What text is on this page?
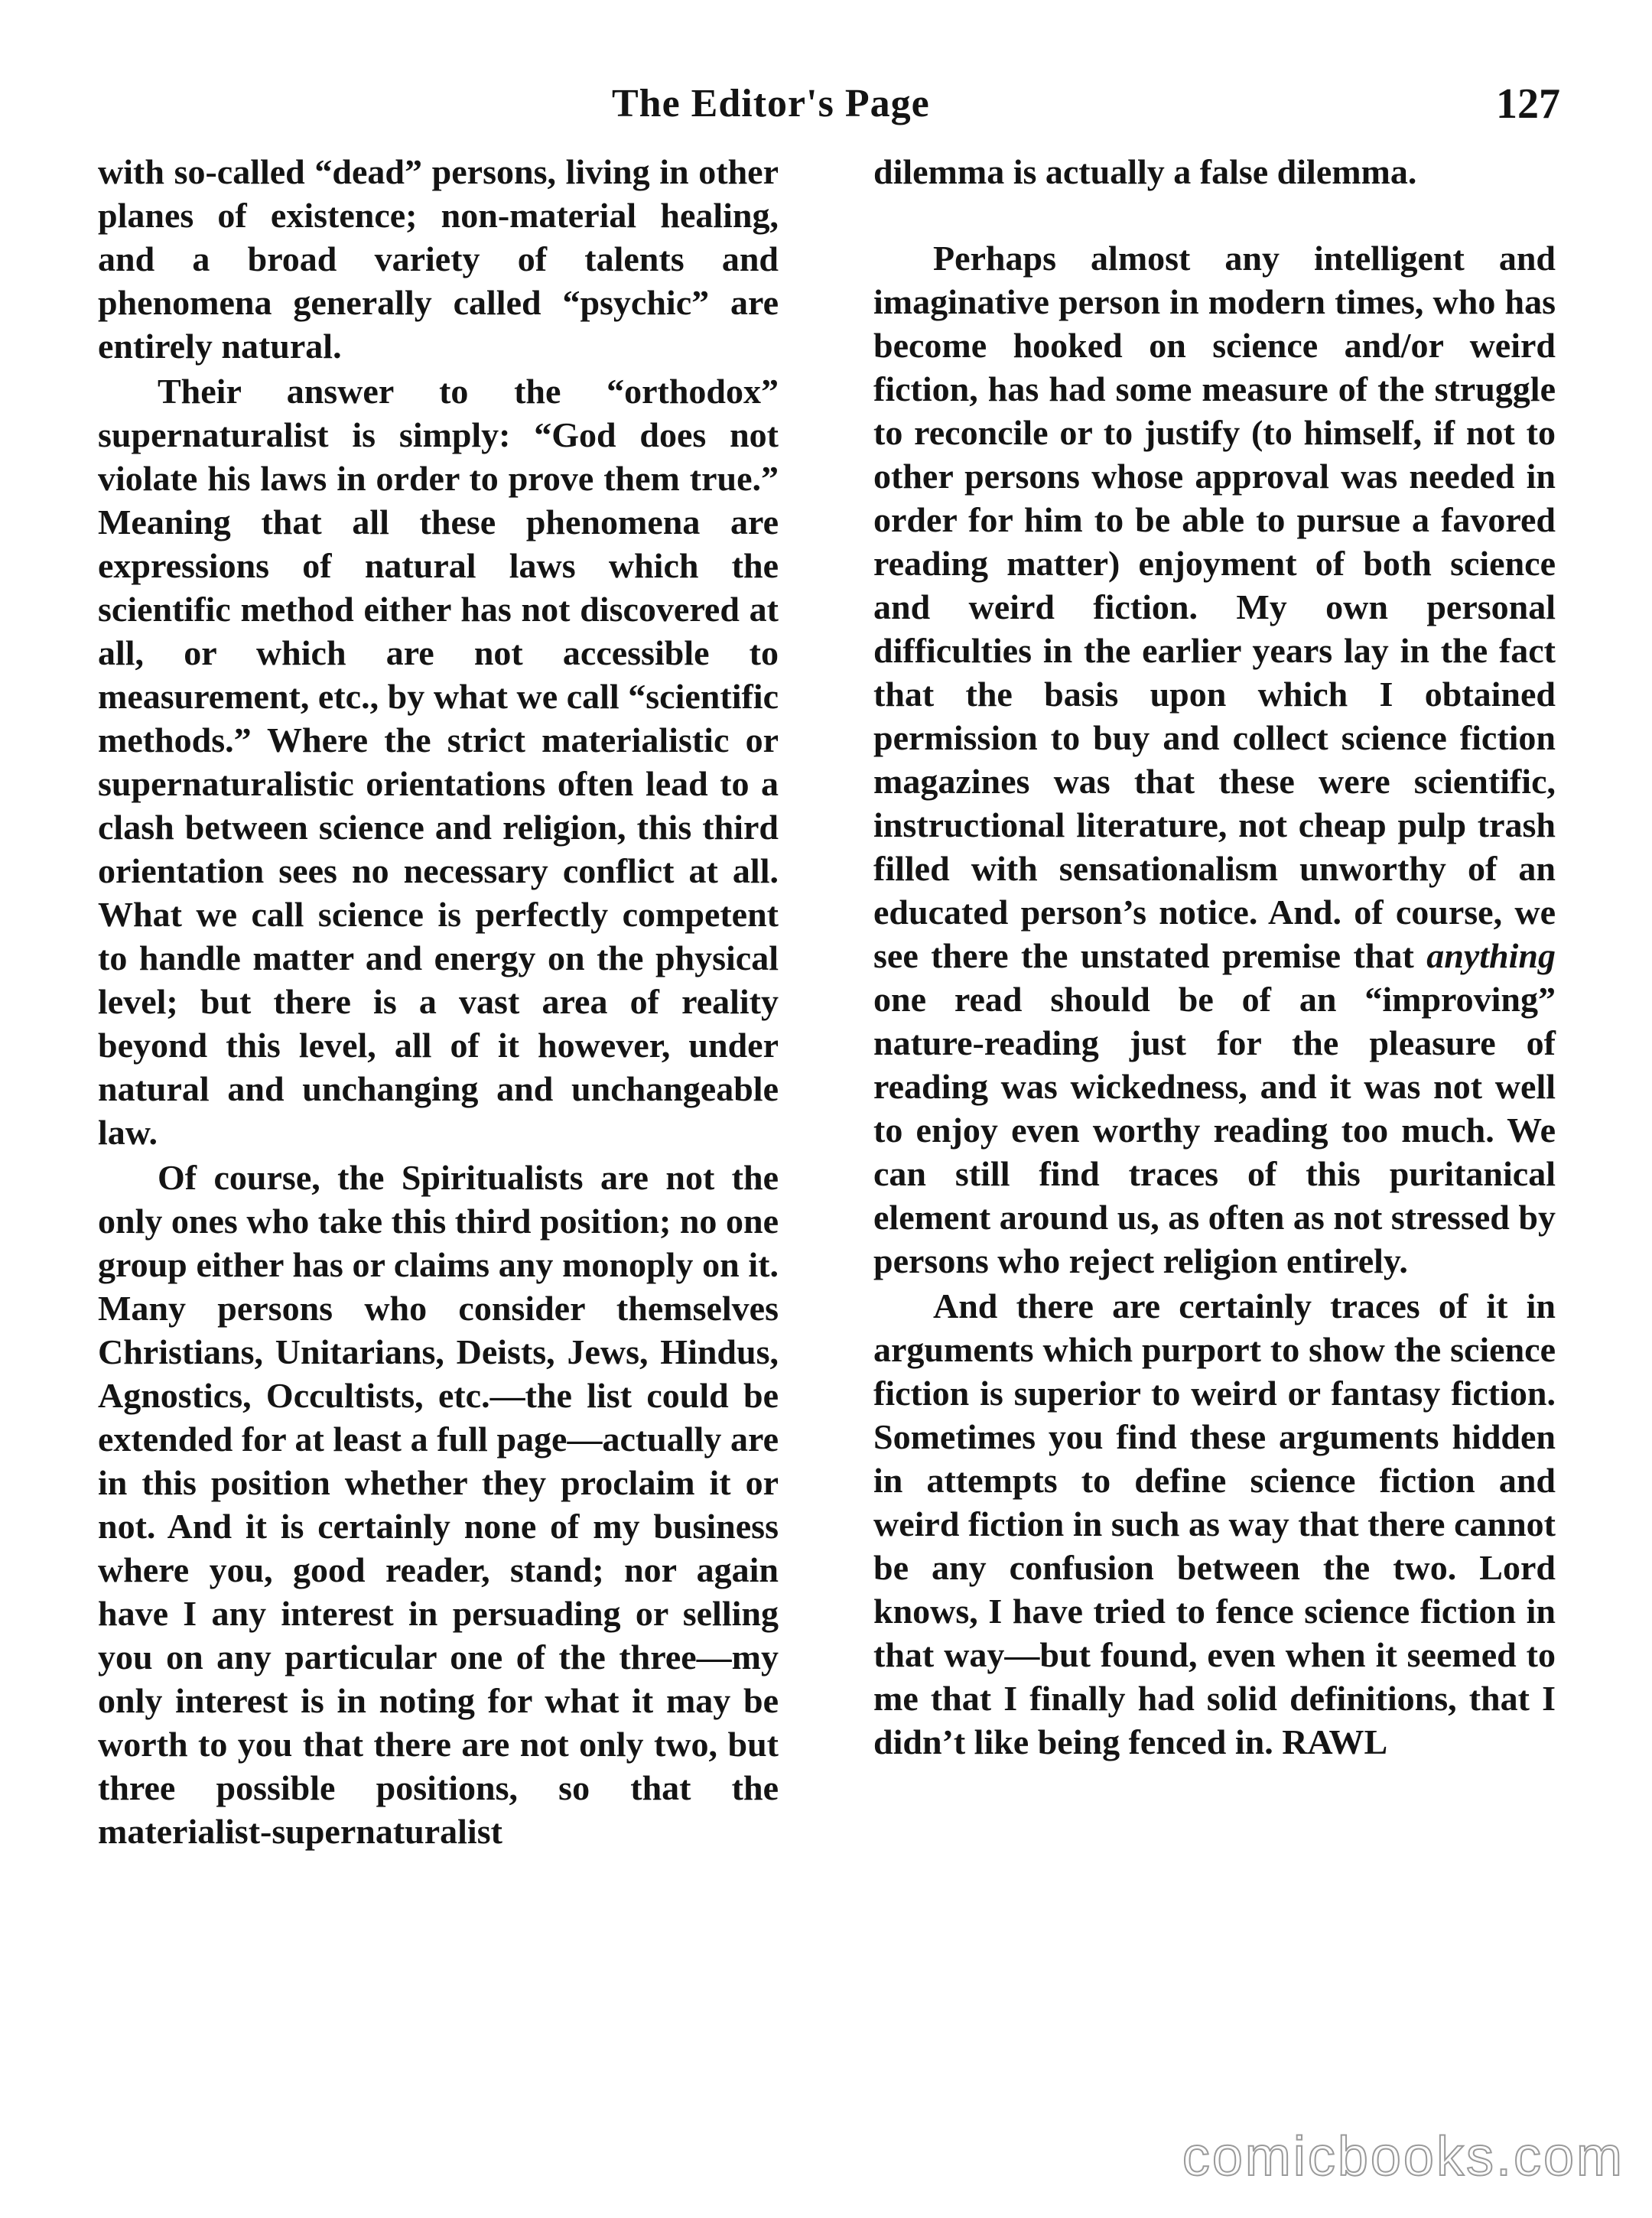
The Editor's Page	127

with so-called “dead” persons, living in other planes of existence; non-material healing, and a broad variety of talents and phenomena generally called “psychic” are entirely natural.

Their answer to the “orthodox” supernaturalist is simply: “God does not violate his laws in order to prove them true.” Meaning that all these phenomena are expressions of natural laws which the scientific method either has not discovered at all, or which are not accessible to measurement, etc., by what we call “scientific methods.” Where the strict materialistic or supernaturalistic orientations often lead to a clash between science and religion, this third orientation sees no necessary conflict at all. What we call science is perfectly competent to handle matter and energy on the physical level; but there is a vast area of reality beyond this level, all of it however, under natural and unchanging and unchangeable law.

Of course, the Spiritualists are not the only ones who take this third position; no one group either has or claims any monoply on it. Many persons who consider themselves Christians, Unitarians, Deists, Jews, Hindus, Agnostics, Occultists, etc.—the list could be extended for at least a full page—actually are in this position whether they proclaim it or not. And it is certainly none of my business where you, good reader, stand; nor again have I any interest in persuading or selling you on any particular one of the three—my only interest is in noting for what it may be worth to you that there are not only two, but three possible positions, so that the materialist-supernaturalist

dilemma is actually a false dilemma.

Perhaps almost any intelligent and imaginative person in modern times, who has become hooked on science and/or weird fiction, has had some measure of the struggle to reconcile or to justify (to himself, if not to other persons whose approval was needed in order for him to be able to pursue a favored reading matter) enjoyment of both science and weird fiction. My own personal difficulties in the earlier years lay in the fact that the basis upon which I obtained permission to buy and collect science fiction magazines was that these were scientific, instructional literature, not cheap pulp trash filled with sensationalism unworthy of an educated person’s notice. And. of course, we see there the unstated premise that anything one read should be of an “improving” nature-reading just for the pleasure of reading was wickedness, and it was not well to enjoy even worthy reading too much. We can still find traces of this puritanical element around us, as often as not stressed by persons who reject religion entirely.

And there are certainly traces of it in arguments which purport to show the science fiction is superior to weird or fantasy fiction. Sometimes you find these arguments hidden in attempts to define science fiction and weird fiction in such as way that there cannot be any confusion between the two. Lord knows, I have tried to fence science fiction in that way—but found, even when it seemed to me that I finally had solid definitions, that I didn’t like being fenced in. RAWL

comicbooks.com
